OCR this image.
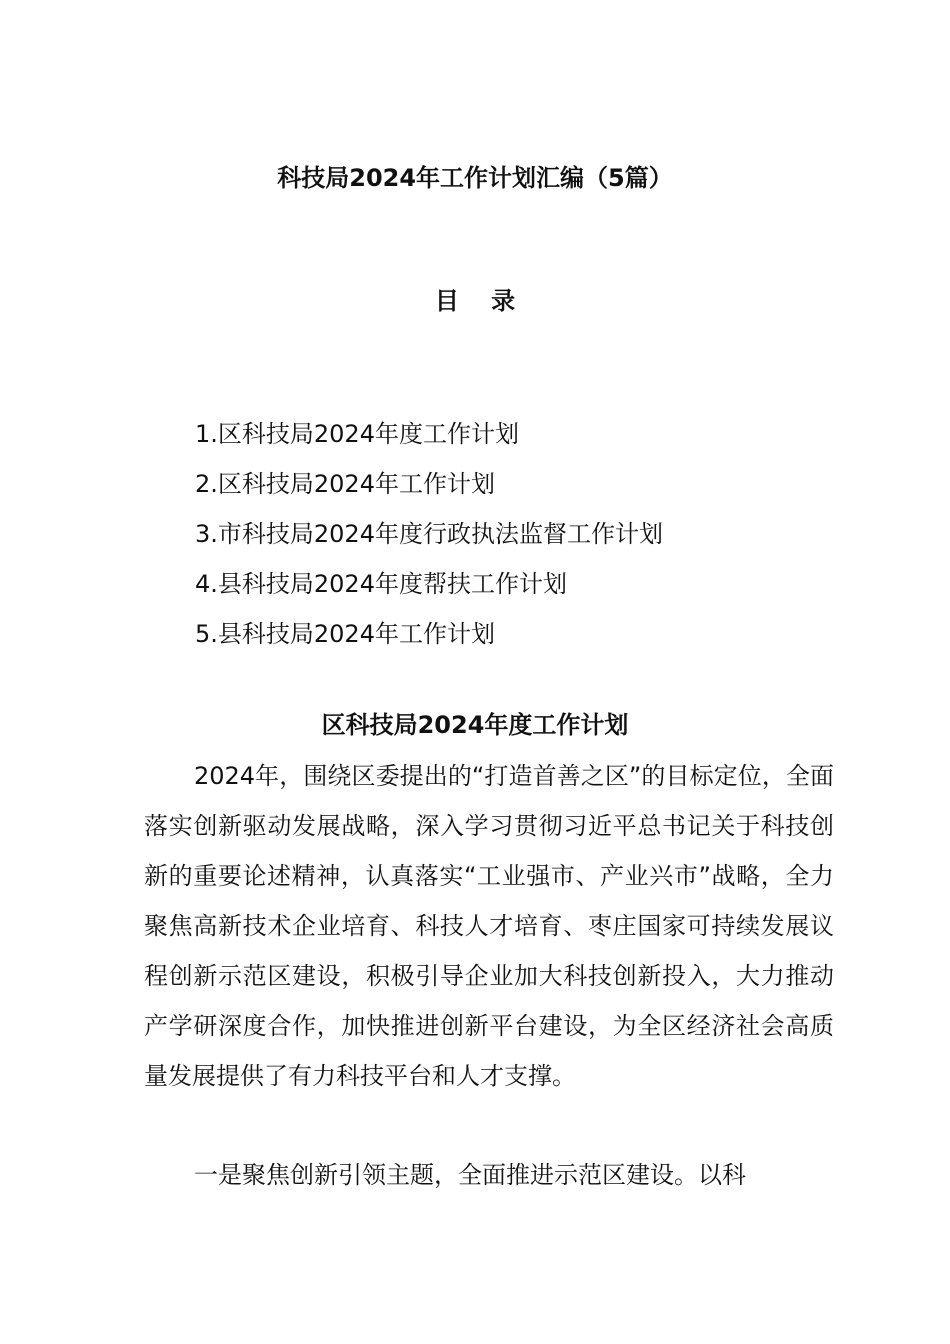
科技局2024年工作计划汇编（5篇）
目 录
1.区科技局2024年度工作计划
2.区科技局2024年工作计划
3.市科技局2024年度行政执法监督工作计划
4.县科技局2024年度帮扶工作计划
5.县科技局2024年工作计划
区科技局2024年度工作计划

2024年，围绕区委提出的“打造首善之区”的目标定位，全面落实创新驱动发展战略，深入学习贯彻习近平总书记关于科技创新的重要论述精神，认真落实“工业强市、产业兴市”战略，全力聚焦高新技术企业培育、科技人才培育、枣庄国家可持续发展议程创新示范区建设，积极引导企业加大科技创新投入，大力推动产学研深度合作，加快推进创新平台建设，为全区经济社会高质量发展提供了有力科技平台和人才支撑。

一是聚焦创新引领主题，全面推进示范区建设。以科
